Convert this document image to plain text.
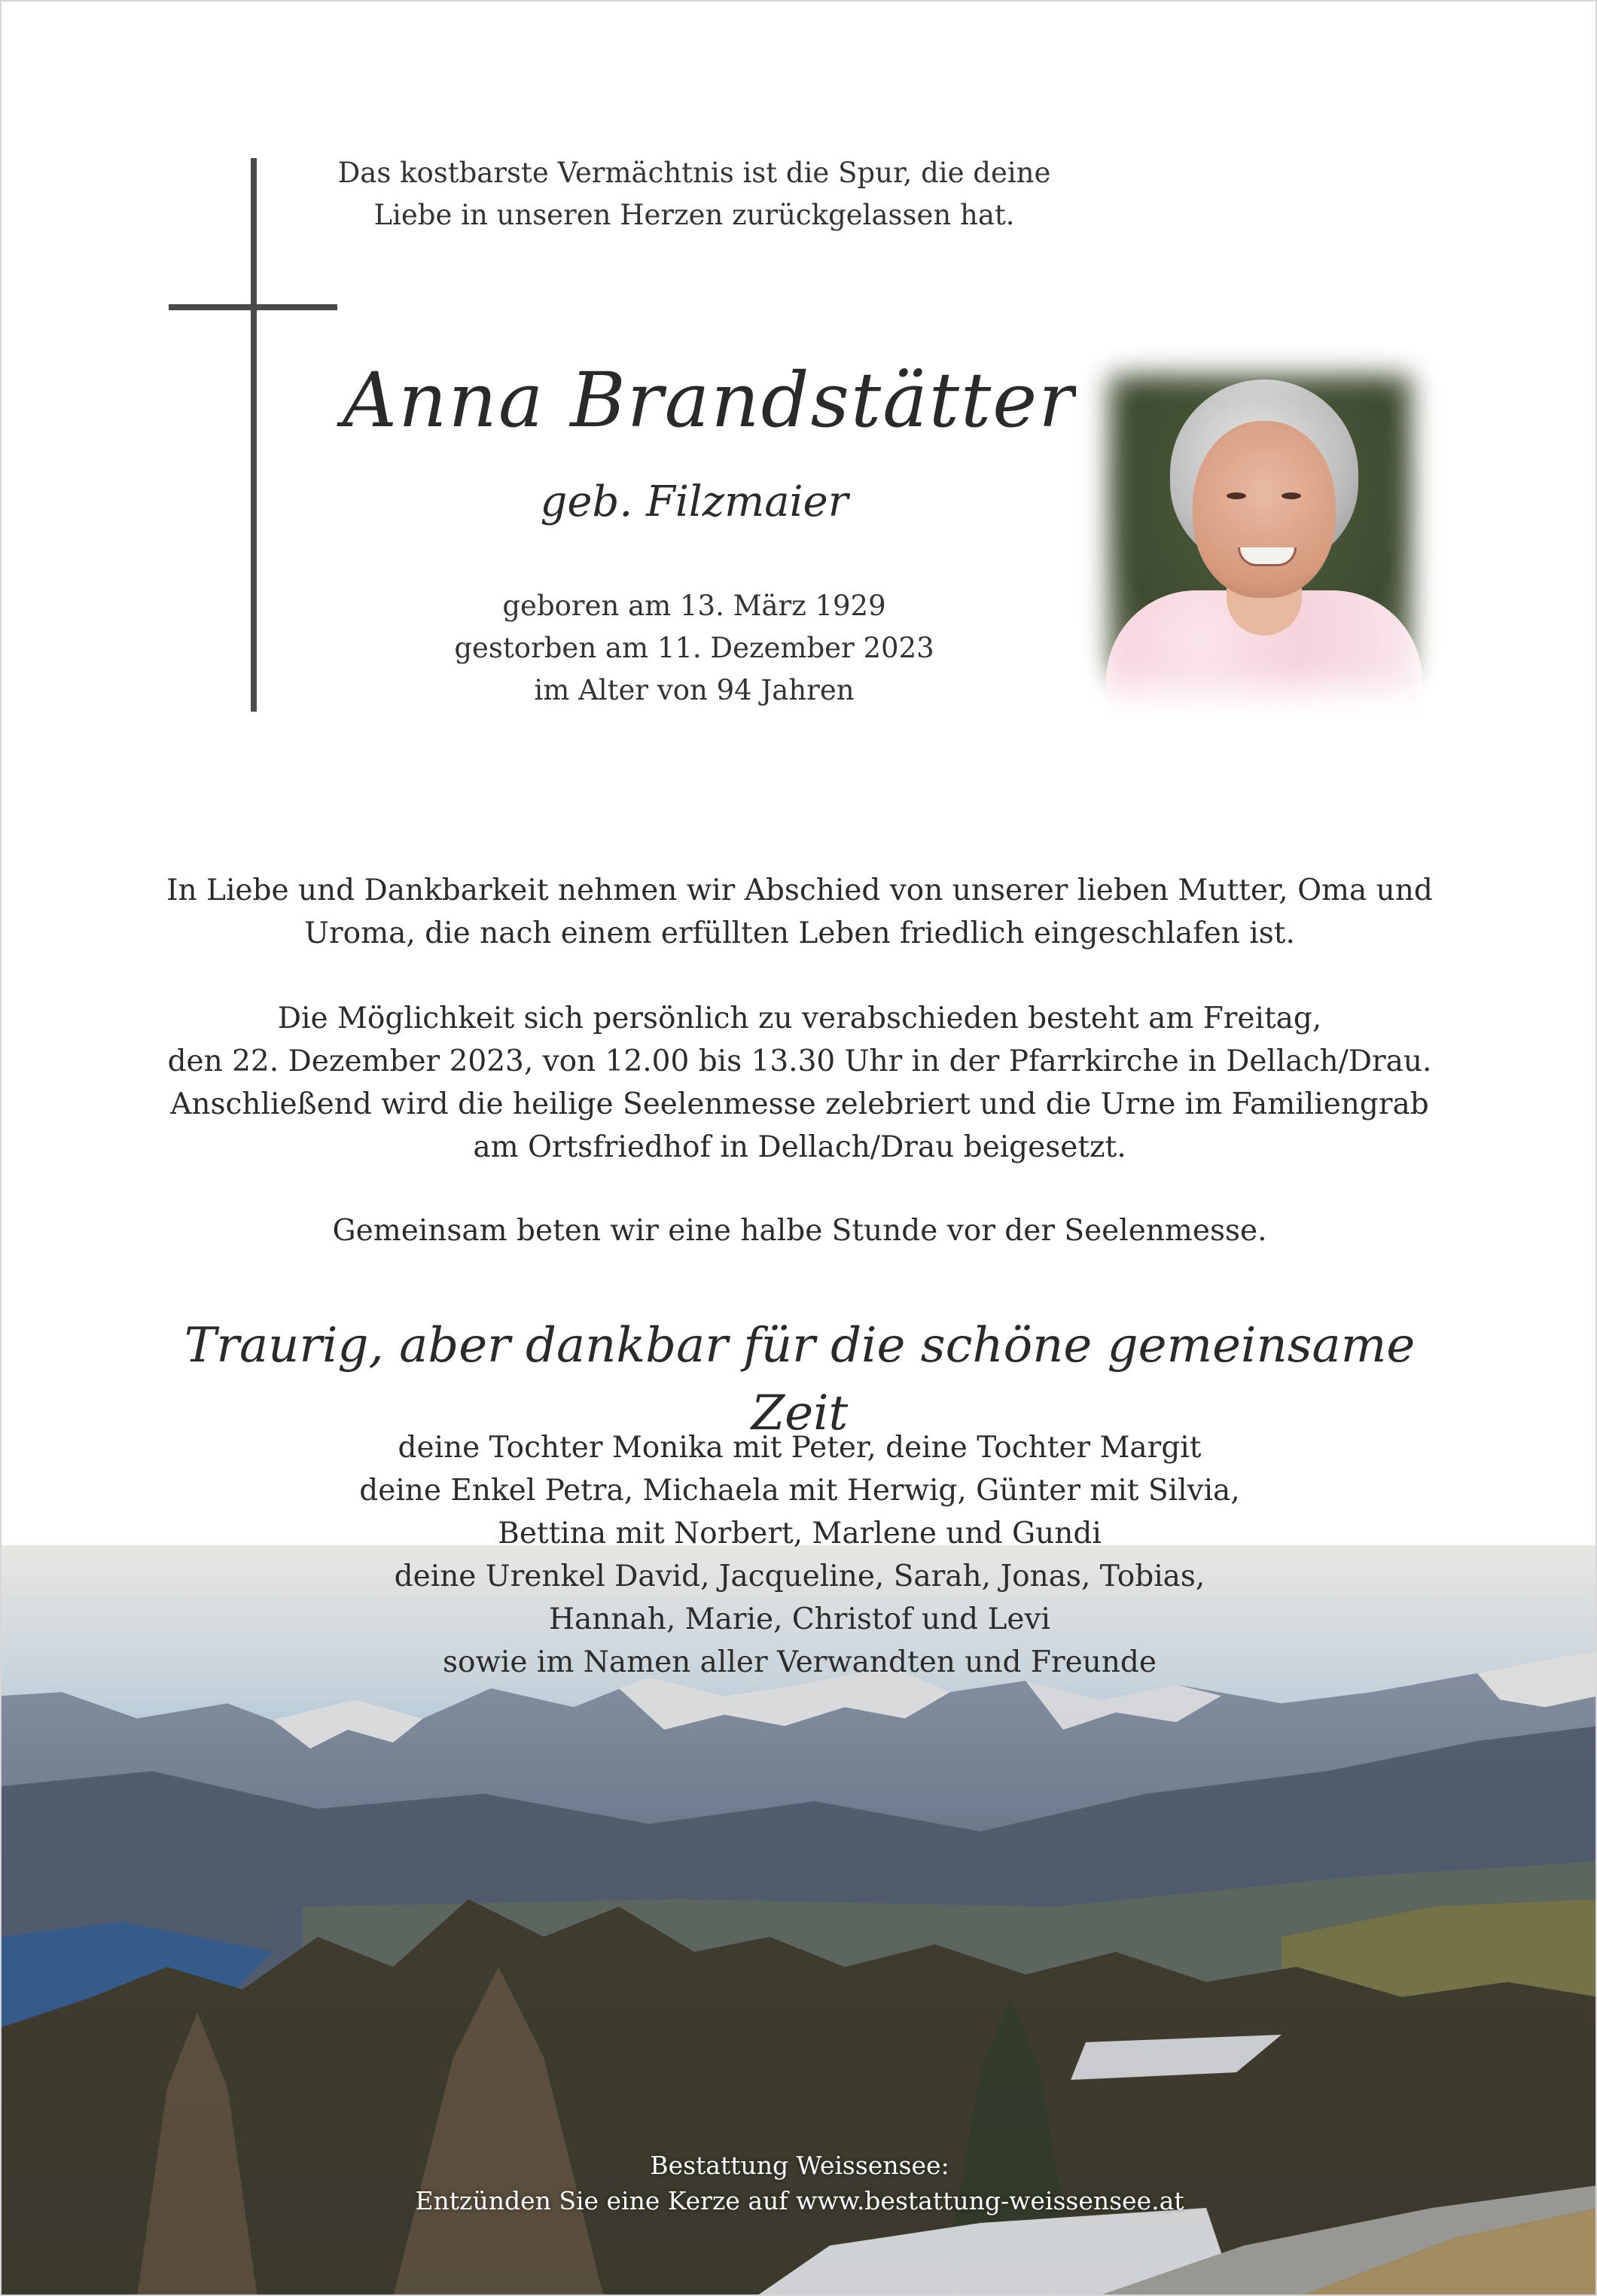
Das kostbarste Vermächtnis ist die Spur, die deine
Liebe in unseren Herzen zurückgelassen hat.
Anna Brandstätter
geb. Filzmaier
geboren am 13. März 1929
gestorben am 11. Dezember 2023
im Alter von 94 Jahren
In Liebe und Dankbarkeit nehmen wir Abschied von unserer lieben Mutter, Oma und
Uroma, die nach einem erfüllten Leben friedlich eingeschlafen ist.
Die Möglichkeit sich persönlich zu verabschieden besteht am Freitag,
den 22. Dezember 2023, von 12.00 bis 13.30 Uhr in der Pfarrkirche in Dellach/Drau.
Anschließend wird die heilige Seelenmesse zelebriert und die Urne im Familiengrab
am Ortsfriedhof in Dellach/Drau beigesetzt.
Gemeinsam beten wir eine halbe Stunde vor der Seelenmesse.
Traurig, aber dankbar für die schöne gemeinsame Zeit
deine Tochter Monika mit Peter, deine Tochter Margit
deine Enkel Petra, Michaela mit Herwig, Günter mit Silvia,
Bettina mit Norbert, Marlene und Gundi
deine Urenkel David, Jacqueline, Sarah, Jonas, Tobias,
Hannah, Marie, Christof und Levi
sowie im Namen aller Verwandten und Freunde
Bestattung Weissensee:
Entzünden Sie eine Kerze auf www.bestattung-weissensee.at
